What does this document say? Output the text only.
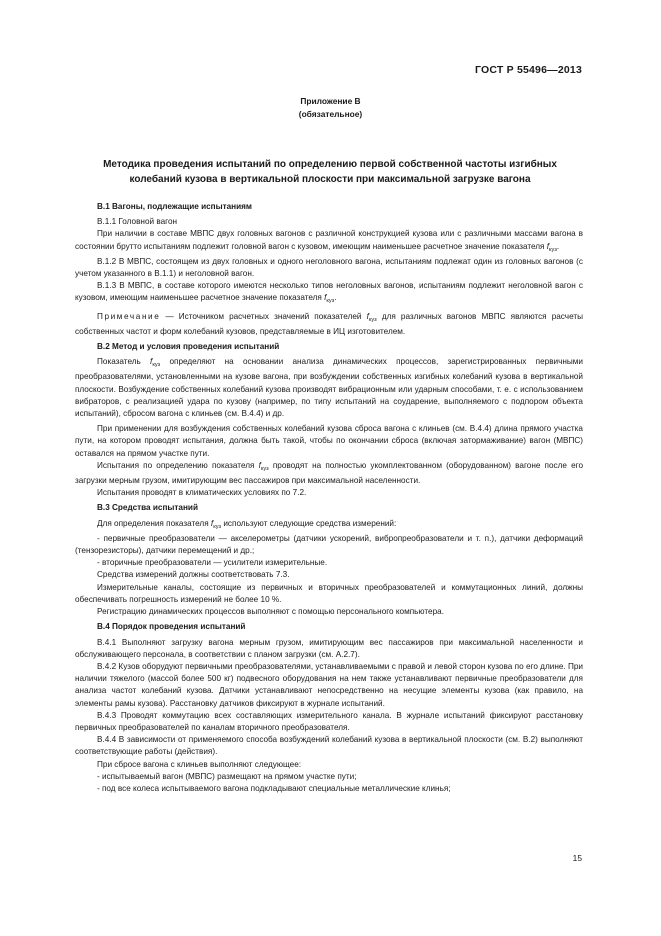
ГОСТ Р 55496—2013
Приложение В
(обязательное)
Методика проведения испытаний по определению первой собственной частоты изгибных
колебаний кузова в вертикальной плоскости при максимальной загрузке вагона

В.1 Вагоны, подлежащие испытаниям

В.1.1 Головной вагон

При наличии в составе МВПС двух головных вагонов с различной конструкцией кузова или с различными массами вагона в состоянии брутто испытаниям подлежит головной вагон с кузовом, имеющим наименьшее расчетное значение показателя $f_{куз}$.

В.1.2 В МВПС, состоящем из двух головных и одного неголовного вагона, испытаниям подлежат один из головных вагонов (с учетом указанного в В.1.1) и неголовной вагон.

В.1.3 В МВПС, в составе которого имеются несколько типов неголовных вагонов, испытаниям подлежит неголовной вагон с кузовом, имеющим наименьшее расчетное значение показателя $f_{куз}$.

Примечание — Источником расчетных значений показателей $f_{куз}$ для различных вагонов МВПС являются расчеты собственных частот и форм колебаний кузовов, представляемые в ИЦ изготовителем.

В.2 Метод и условия проведения испытаний

Показатель $f_{куз}$ определяют на основании анализа динамических процессов, зарегистрированных первичными преобразователями, установленными на кузове вагона, при возбуждении собственных изгибных колебаний кузова в вертикальной плоскости. Возбуждение собственных колебаний кузова производят вибрационным или ударным способами, т. е. с использованием вибраторов, с реализацией удара по кузову (например, по типу испытаний на соударение, выполняемого с подпором объекта испытаний), сбросом вагона с клиньев (см. В.4.4) и др.

При применении для возбуждения собственных колебаний кузова сброса вагона с клиньев (см. В.4.4) длина прямого участка пути, на котором проводят испытания, должна быть такой, чтобы по окончании сброса (включая затормаживание) вагон (МВПС) оставался на прямом участке пути.

Испытания по определению показателя $f_{куз}$ проводят на полностью укомплектованном (оборудованном) вагоне после его загрузки мерным грузом, имитирующим вес пассажиров при максимальной населенности.

Испытания проводят в климатических условиях по 7.2.

В.3 Средства испытаний

Для определения показателя $f_{куз}$ используют следующие средства измерений:

- первичные преобразователи — акселерометры (датчики ускорений, вибропреобразователи и т. п.), датчики деформаций (тензорезисторы), датчики перемещений и др.;

- вторичные преобразователи — усилители измерительные.

Средства измерений должны соответствовать 7.3.

Измерительные каналы, состоящие из первичных и вторичных преобразователей и коммутационных линий, должны обеспечивать погрешность измерений не более 10 %.

Регистрацию динамических процессов выполняют с помощью персонального компьютера.

В.4 Порядок проведения испытаний

В.4.1 Выполняют загрузку вагона мерным грузом, имитирующим вес пассажиров при максимальной населенности и обслуживающего персонала, в соответствии с планом загрузки (см. А.2.7).

В.4.2 Кузов оборудуют первичными преобразователями, устанавливаемыми с правой и левой сторон кузова по его длине. При наличии тяжелого (массой более 500 кг) подвесного оборудования на нем также устанавливают первичные преобразователи для анализа частот колебаний кузова. Датчики устанавливают непосредственно на несущие элементы кузова (как правило, на элементы рамы кузова). Расстановку датчиков фиксируют в журнале испытаний.

В.4.3 Проводят коммутацию всех составляющих измерительного канала. В журнале испытаний фиксируют расстановку первичных преобразователей по каналам вторичного преобразователя.

В.4.4 В зависимости от применяемого способа возбуждений колебаний кузова в вертикальной плоскости (см. В.2) выполняют соответствующие работы (действия).

При сбросе вагона с клиньев выполняют следующее:

- испытываемый вагон (МВПС) размещают на прямом участке пути;

- под все колеса испытываемого вагона подкладывают специальные металлические клинья;

15
